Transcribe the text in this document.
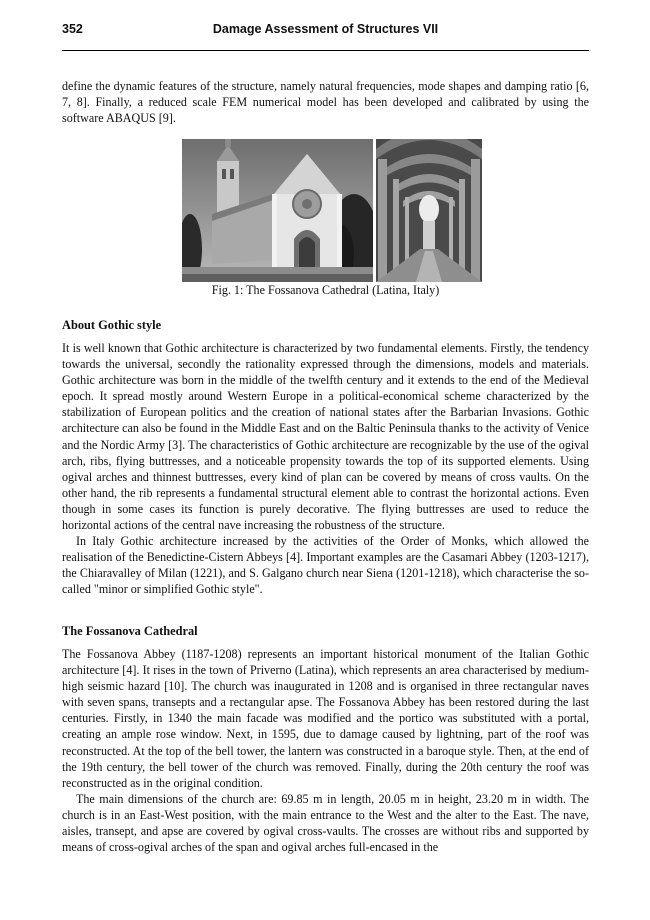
352	Damage Assessment of Structures VII

define the dynamic features of the structure, namely natural frequencies, mode shapes and damping ratio [6, 7, 8]. Finally, a reduced scale FEM numerical model has been developed and calibrated by using the software ABAQUS [9].

Fig. 1: The Fossanova Cathedral (Latina, Italy)
About Gothic style

It is well known that Gothic architecture is characterized by two fundamental elements. Firstly, the tendency towards the universal, secondly the rationality expressed through the dimensions, models and materials. Gothic architecture was born in the middle of the twelfth century and it extends to the end of the Medieval epoch. It spread mostly around Western Europe in a political-economical scheme characterized by the stabilization of European politics and the creation of national states after the Barbarian Invasions. Gothic architecture can also be found in the Middle East and on the Baltic Peninsula thanks to the activity of Venice and the Nordic Army [3]. The characteristics of Gothic architecture are recognizable by the use of the ogival arch, ribs, flying buttresses, and a noticeable propensity towards the top of its supported elements. Using ogival arches and thinnest buttresses, every kind of plan can be covered by means of cross vaults. On the other hand, the rib represents a fundamental structural element able to contrast the horizontal actions. Even though in some cases its function is purely decorative. The flying buttresses are used to reduce the horizontal actions of the central nave increasing the robustness of the structure.

In Italy Gothic architecture increased by the activities of the Order of Monks, which allowed the realisation of the Benedictine-Cistern Abbeys [4]. Important examples are the Casamari Abbey (1203-1217), the Chiaravalley of Milan (1221), and S. Galgano church near Siena (1201-1218), which characterise the so-called "minor or simplified Gothic style".

The Fossanova Cathedral

The Fossanova Abbey (1187-1208) represents an important historical monument of the Italian Gothic architecture [4]. It rises in the town of Priverno (Latina), which represents an area characterised by medium-high seismic hazard [10]. The church was inaugurated in 1208 and is organised in three rectangular naves with seven spans, transepts and a rectangular apse. The Fossanova Abbey has been restored during the last centuries. Firstly, in 1340 the main facade was modified and the portico was substituted with a portal, creating an ample rose window. Next, in 1595, due to damage caused by lightning, part of the roof was reconstructed. At the top of the bell tower, the lantern was constructed in a baroque style. Then, at the end of the 19th century, the bell tower of the church was removed. Finally, during the 20th century the roof was reconstructed as in the original condition.

The main dimensions of the church are: 69.85 m in length, 20.05 m in height, 23.20 m in width. The church is in an East-West position, with the main entrance to the West and the alter to the East. The nave, aisles, transept, and apse are covered by ogival cross-vaults. The crosses are without ribs and supported by means of cross-ogival arches of the span and ogival arches full-encased in the
